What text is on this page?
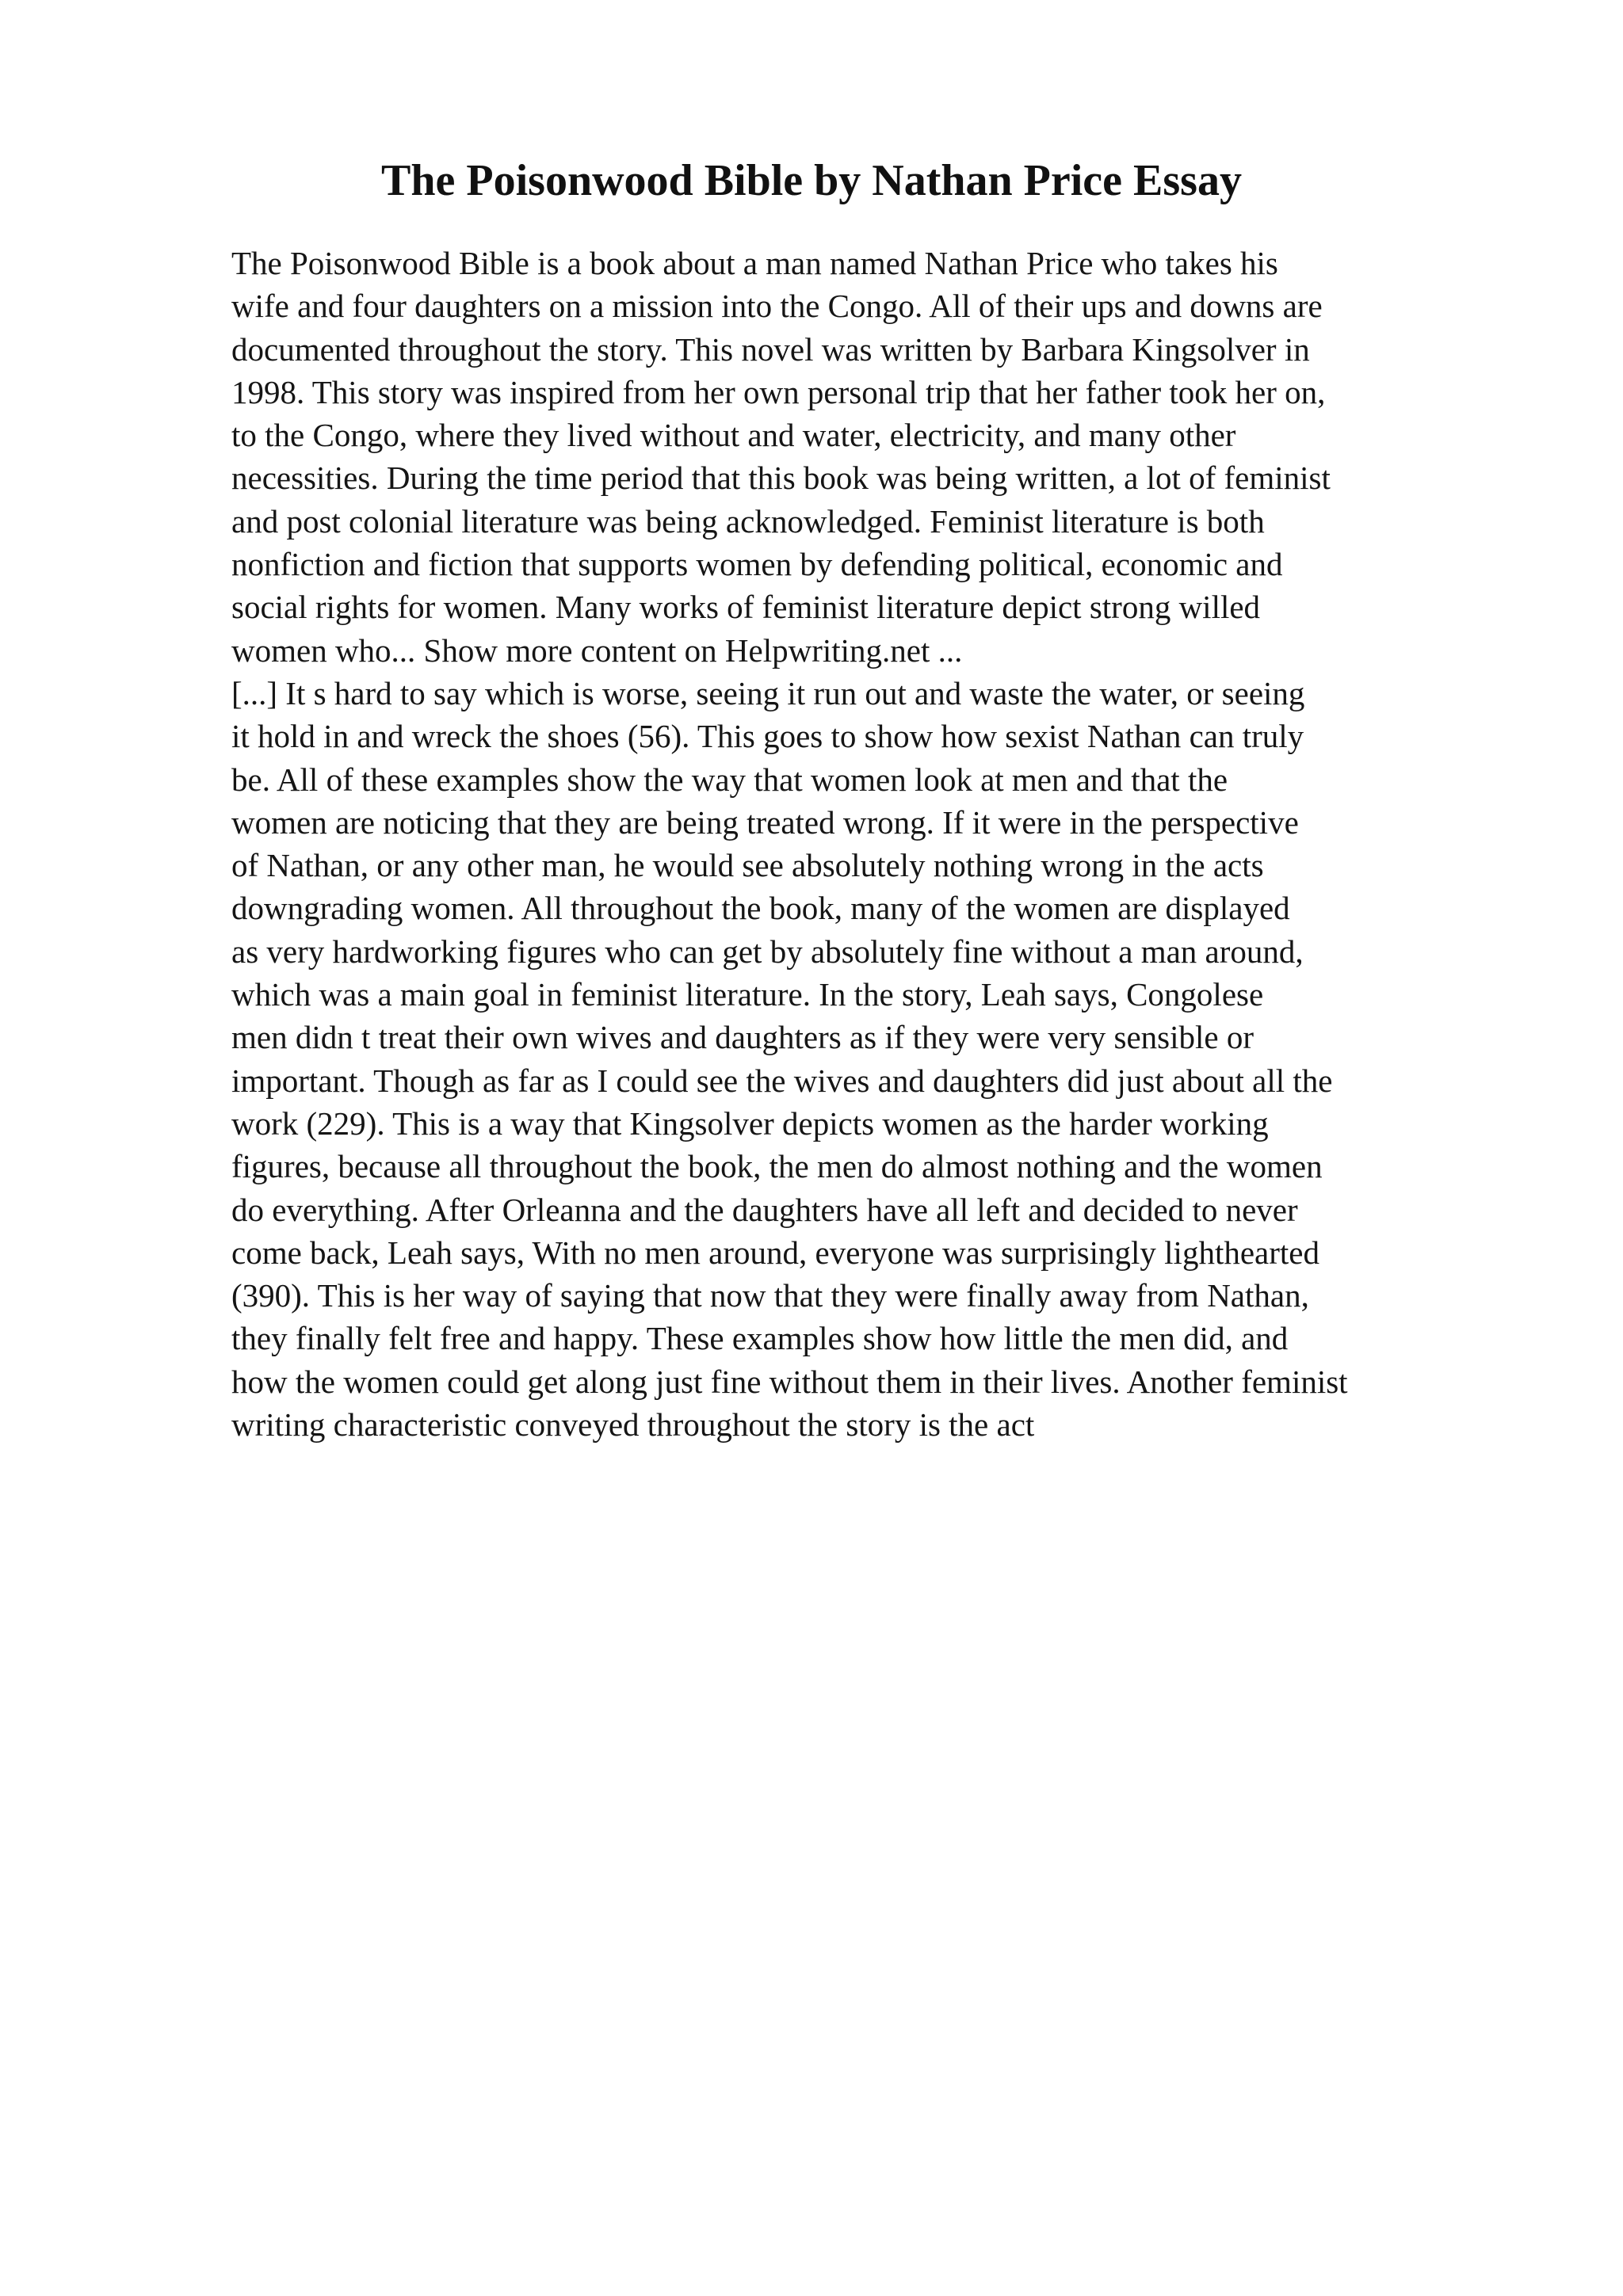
The Poisonwood Bible by Nathan Price Essay
The Poisonwood Bible is a book about a man named Nathan Price who takes his
wife and four daughters on a mission into the Congo. All of their ups and downs are
documented throughout the story. This novel was written by Barbara Kingsolver in
1998. This story was inspired from her own personal trip that her father took her on,
to the Congo, where they lived without and water, electricity, and many other
necessities. During the time period that this book was being written, a lot of feminist
and post colonial literature was being acknowledged. Feminist literature is both
nonfiction and fiction that supports women by defending political, economic and
social rights for women. Many works of feminist literature depict strong willed
women who... Show more content on Helpwriting.net ...
[...] It s hard to say which is worse, seeing it run out and waste the water, or seeing
it hold in and wreck the shoes (56). This goes to show how sexist Nathan can truly
be. All of these examples show the way that women look at men and that the
women are noticing that they are being treated wrong. If it were in the perspective
of Nathan, or any other man, he would see absolutely nothing wrong in the acts
downgrading women. All throughout the book, many of the women are displayed
as very hardworking figures who can get by absolutely fine without a man around,
which was a main goal in feminist literature. In the story, Leah says, Congolese
men didn t treat their own wives and daughters as if they were very sensible or
important. Though as far as I could see the wives and daughters did just about all the
work (229). This is a way that Kingsolver depicts women as the harder working
figures, because all throughout the book, the men do almost nothing and the women
do everything. After Orleanna and the daughters have all left and decided to never
come back, Leah says, With no men around, everyone was surprisingly lighthearted
(390). This is her way of saying that now that they were finally away from Nathan,
they finally felt free and happy. These examples show how little the men did, and
how the women could get along just fine without them in their lives. Another feminist
writing characteristic conveyed throughout the story is the act
